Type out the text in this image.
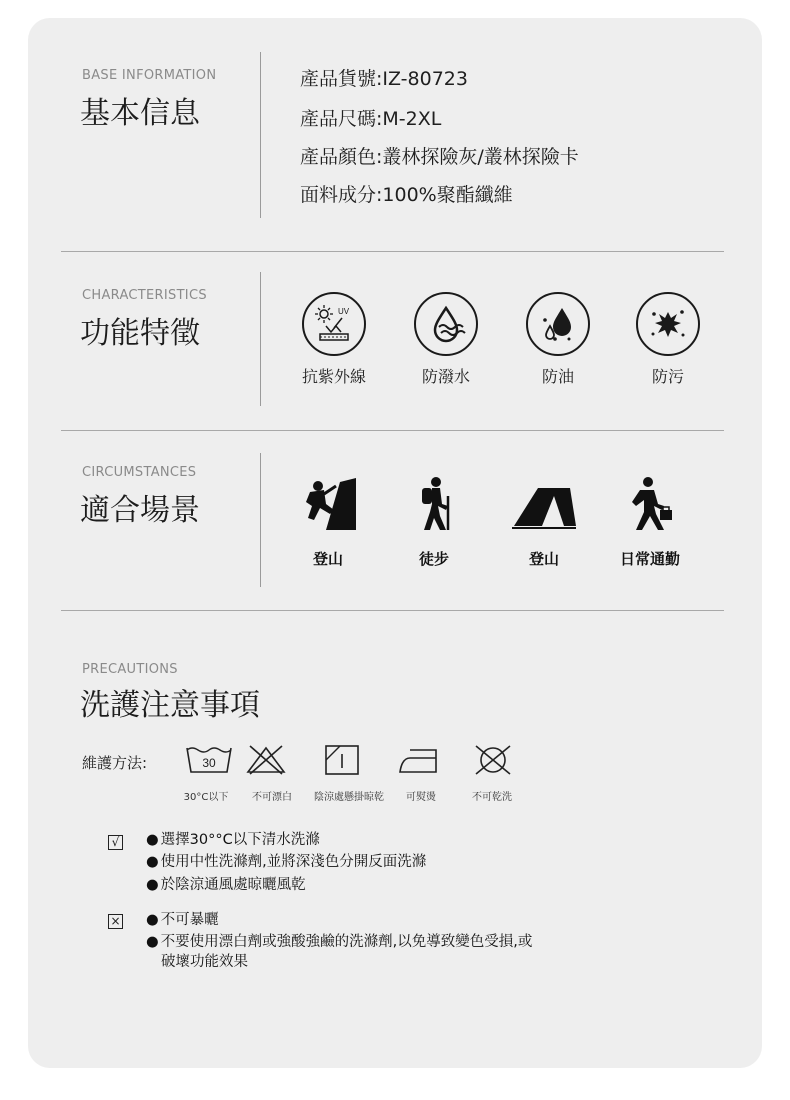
BASE INFORMATION
基本信息
產品貨號:IZ-80723
產品尺碼:M-2XL
產品顏色:叢林探險灰/叢林探險卡
面料成分:100%聚酯纖維
CHARACTERISTICS
功能特徵
UV
抗紫外線	防潑水	防油	防污
CIRCUMSTANCES
適合場景
登山	徒步	登山	日常通勤
PRECAUTIONS
洗護注意事項
維護方法:	30
30°C以下	不可漂白	陰涼處懸掛晾乾	可熨燙	不可乾洗
√	● 選擇30°°C以下清水洗滌
● 使用中性洗滌劑,並將深淺色分開反面洗滌
● 於陰涼通風處晾曬風乾
×	● 不可暴曬
● 不要使用漂白劑或強酸強鹼的洗滌劑,以免導致變色受損,或
破壞功能效果
